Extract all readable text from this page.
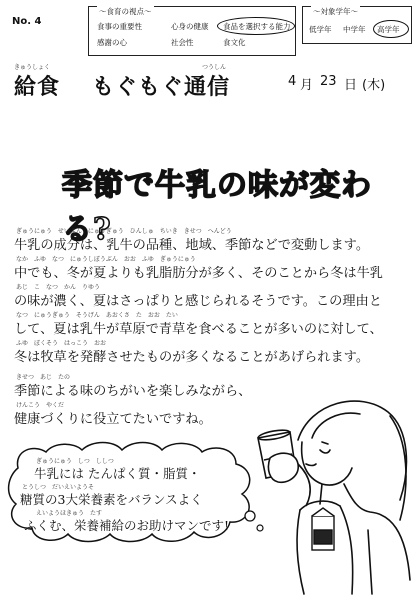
No. 4
～食育の視点～
食事の重要性	心身の健康 食品を選択する能力
感謝の心	社会性	食文化
～対象学年～
低学年 中学年 高学年
きゅうしょく
給食
つうしん
もぐもぐ通信	4 月 23 日 (木)
季節で牛乳の味が変わる?
ぎゅうにゅう　せいぶん　にゅうぎゅう　ひんしゅ　ちいき　きせつ　へんどう
牛乳の成分は、乳牛の品種、地域、季節などで変動します。
なか　ふゆ　なつ　にゅうしぼうぶん　おお　ふゆ　ぎゅうにゅう
中でも、冬が夏よりも乳脂肪分が多く、そのことから冬は牛乳
あじ　こ　なつ　かん　りゆう
の味が濃く、夏はさっぱりと感じられるそうです。この理由と
なつ　にゅうぎゅう　そうげん　あおくさ　た　おお　たい
して、夏は乳牛が草原で青草を食べることが多いのに対して、
ふゆ　ぼくそう　はっこう　おお
冬は牧草を発酵させたものが多くなることがあげられます。
きせつ　あじ　たの
季節による味のちがいを楽しみながら、
けんこう　やくだ
健康づくりに役立てたいですね。
ぎゅうにゅう　しつ　ししつ
牛乳には たんぱく質・脂質・
とうしつ　だいえいようそ
糖質の3大栄養素をバランスよく
えいようほきゅう　たす
ふくむ、栄養補給のお助けマンです!
